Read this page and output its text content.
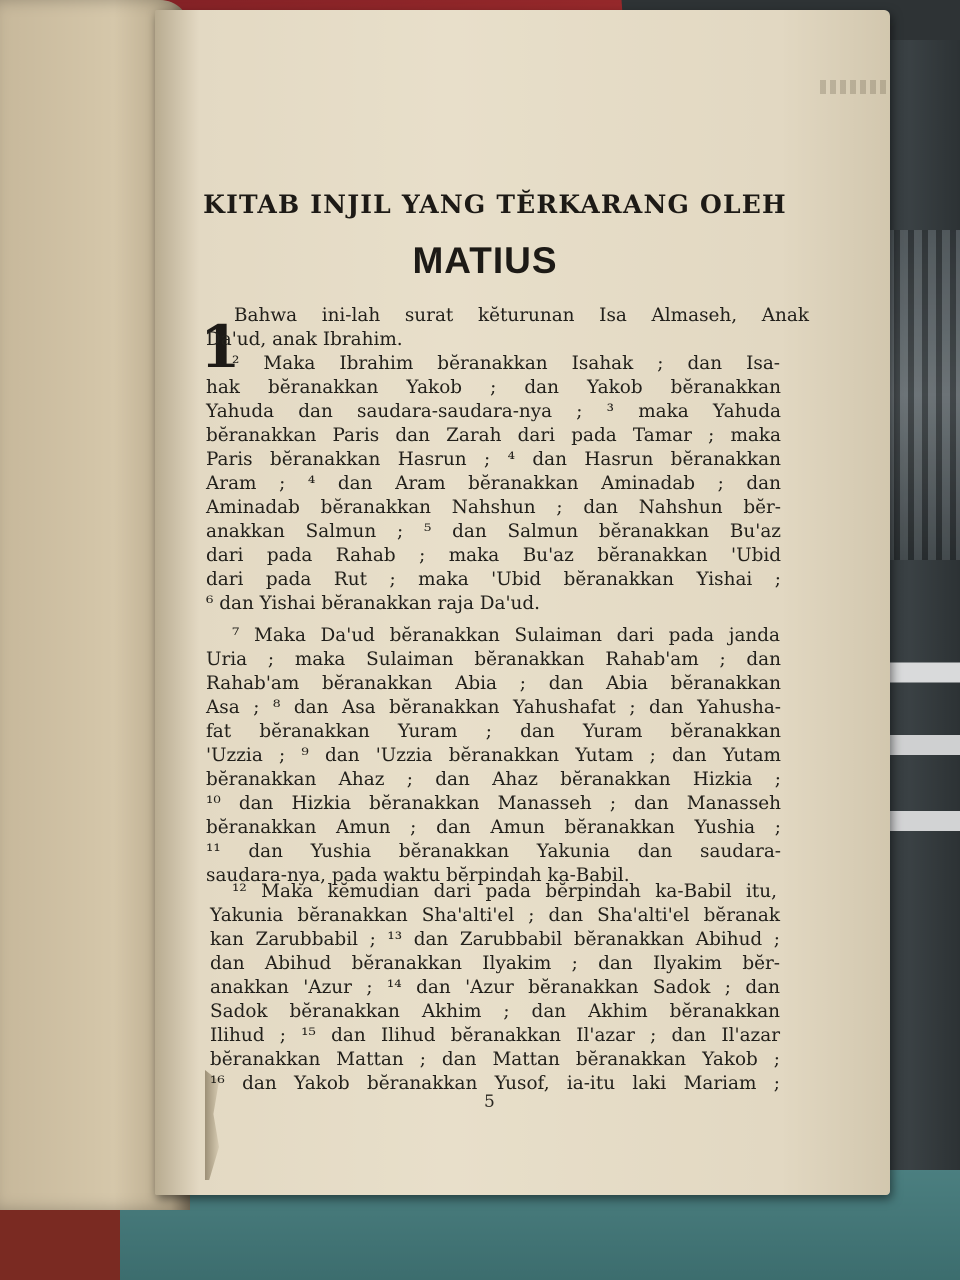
KITAB INJIL YANG TĔRKARANG OLEH
MATIUS
1
Bahwa ini-lah surat kĕturunan Isa Almaseh, Anak
Da'ud, anak Ibrahim.
² Maka Ibrahim bĕranakkan Isahak ; dan Isa-
hak bĕranakkan Yakob ; dan Yakob bĕranakkan
Yahuda dan saudara-saudara-nya ; ³ maka Yahuda
bĕranakkan Paris dan Zarah dari pada Tamar ; maka
Paris bĕranakkan Hasrun ; ⁴ dan Hasrun bĕranakkan
Aram ; ⁴ dan Aram bĕranakkan Aminadab ; dan
Aminadab bĕranakkan Nahshun ; dan Nahshun bĕr-
anakkan Salmun ; ⁵ dan Salmun bĕranakkan Bu'az
dari pada Rahab ; maka Bu'az bĕranakkan 'Ubid
dari pada Rut ; maka 'Ubid bĕranakkan Yishai ;
⁶ dan Yishai bĕranakkan raja Da'ud.
⁷ Maka Da'ud bĕranakkan Sulaiman dari pada janda
Uria ; maka Sulaiman bĕranakkan Rahab'am ; dan
Rahab'am bĕranakkan Abia ; dan Abia bĕranakkan
Asa ; ⁸ dan Asa bĕranakkan Yahushafat ; dan Yahusha-
fat bĕranakkan Yuram ; dan Yuram bĕranakkan
'Uzzia ; ⁹ dan 'Uzzia bĕranakkan Yutam ; dan Yutam
bĕranakkan Ahaz ; dan Ahaz bĕranakkan Hizkia ;
¹⁰ dan Hizkia bĕranakkan Manasseh ; dan Manasseh
bĕranakkan Amun ; dan Amun bĕranakkan Yushia ;
¹¹ dan Yushia bĕranakkan Yakunia dan saudara-
saudara-nya, pada waktu bĕrpindah ka-Babil.
¹² Maka kĕmudian dari pada bĕrpindah ka-Babil itu,
Yakunia bĕranakkan Sha'alti'el ; dan Sha'alti'el bĕranak
kan Zarubbabil ; ¹³ dan Zarubbabil bĕranakkan Abihud ;
dan Abihud bĕranakkan Ilyakim ; dan Ilyakim bĕr-
anakkan 'Azur ; ¹⁴ dan 'Azur bĕranakkan Sadok ; dan
Sadok bĕranakkan Akhim ; dan Akhim bĕranakkan
Ilihud ; ¹⁵ dan Ilihud bĕranakkan Il'azar ; dan Il'azar
bĕranakkan Mattan ; dan Mattan bĕranakkan Yakob ;
¹⁶ dan Yakob bĕranakkan Yusof, ia-itu laki Mariam ;
5
